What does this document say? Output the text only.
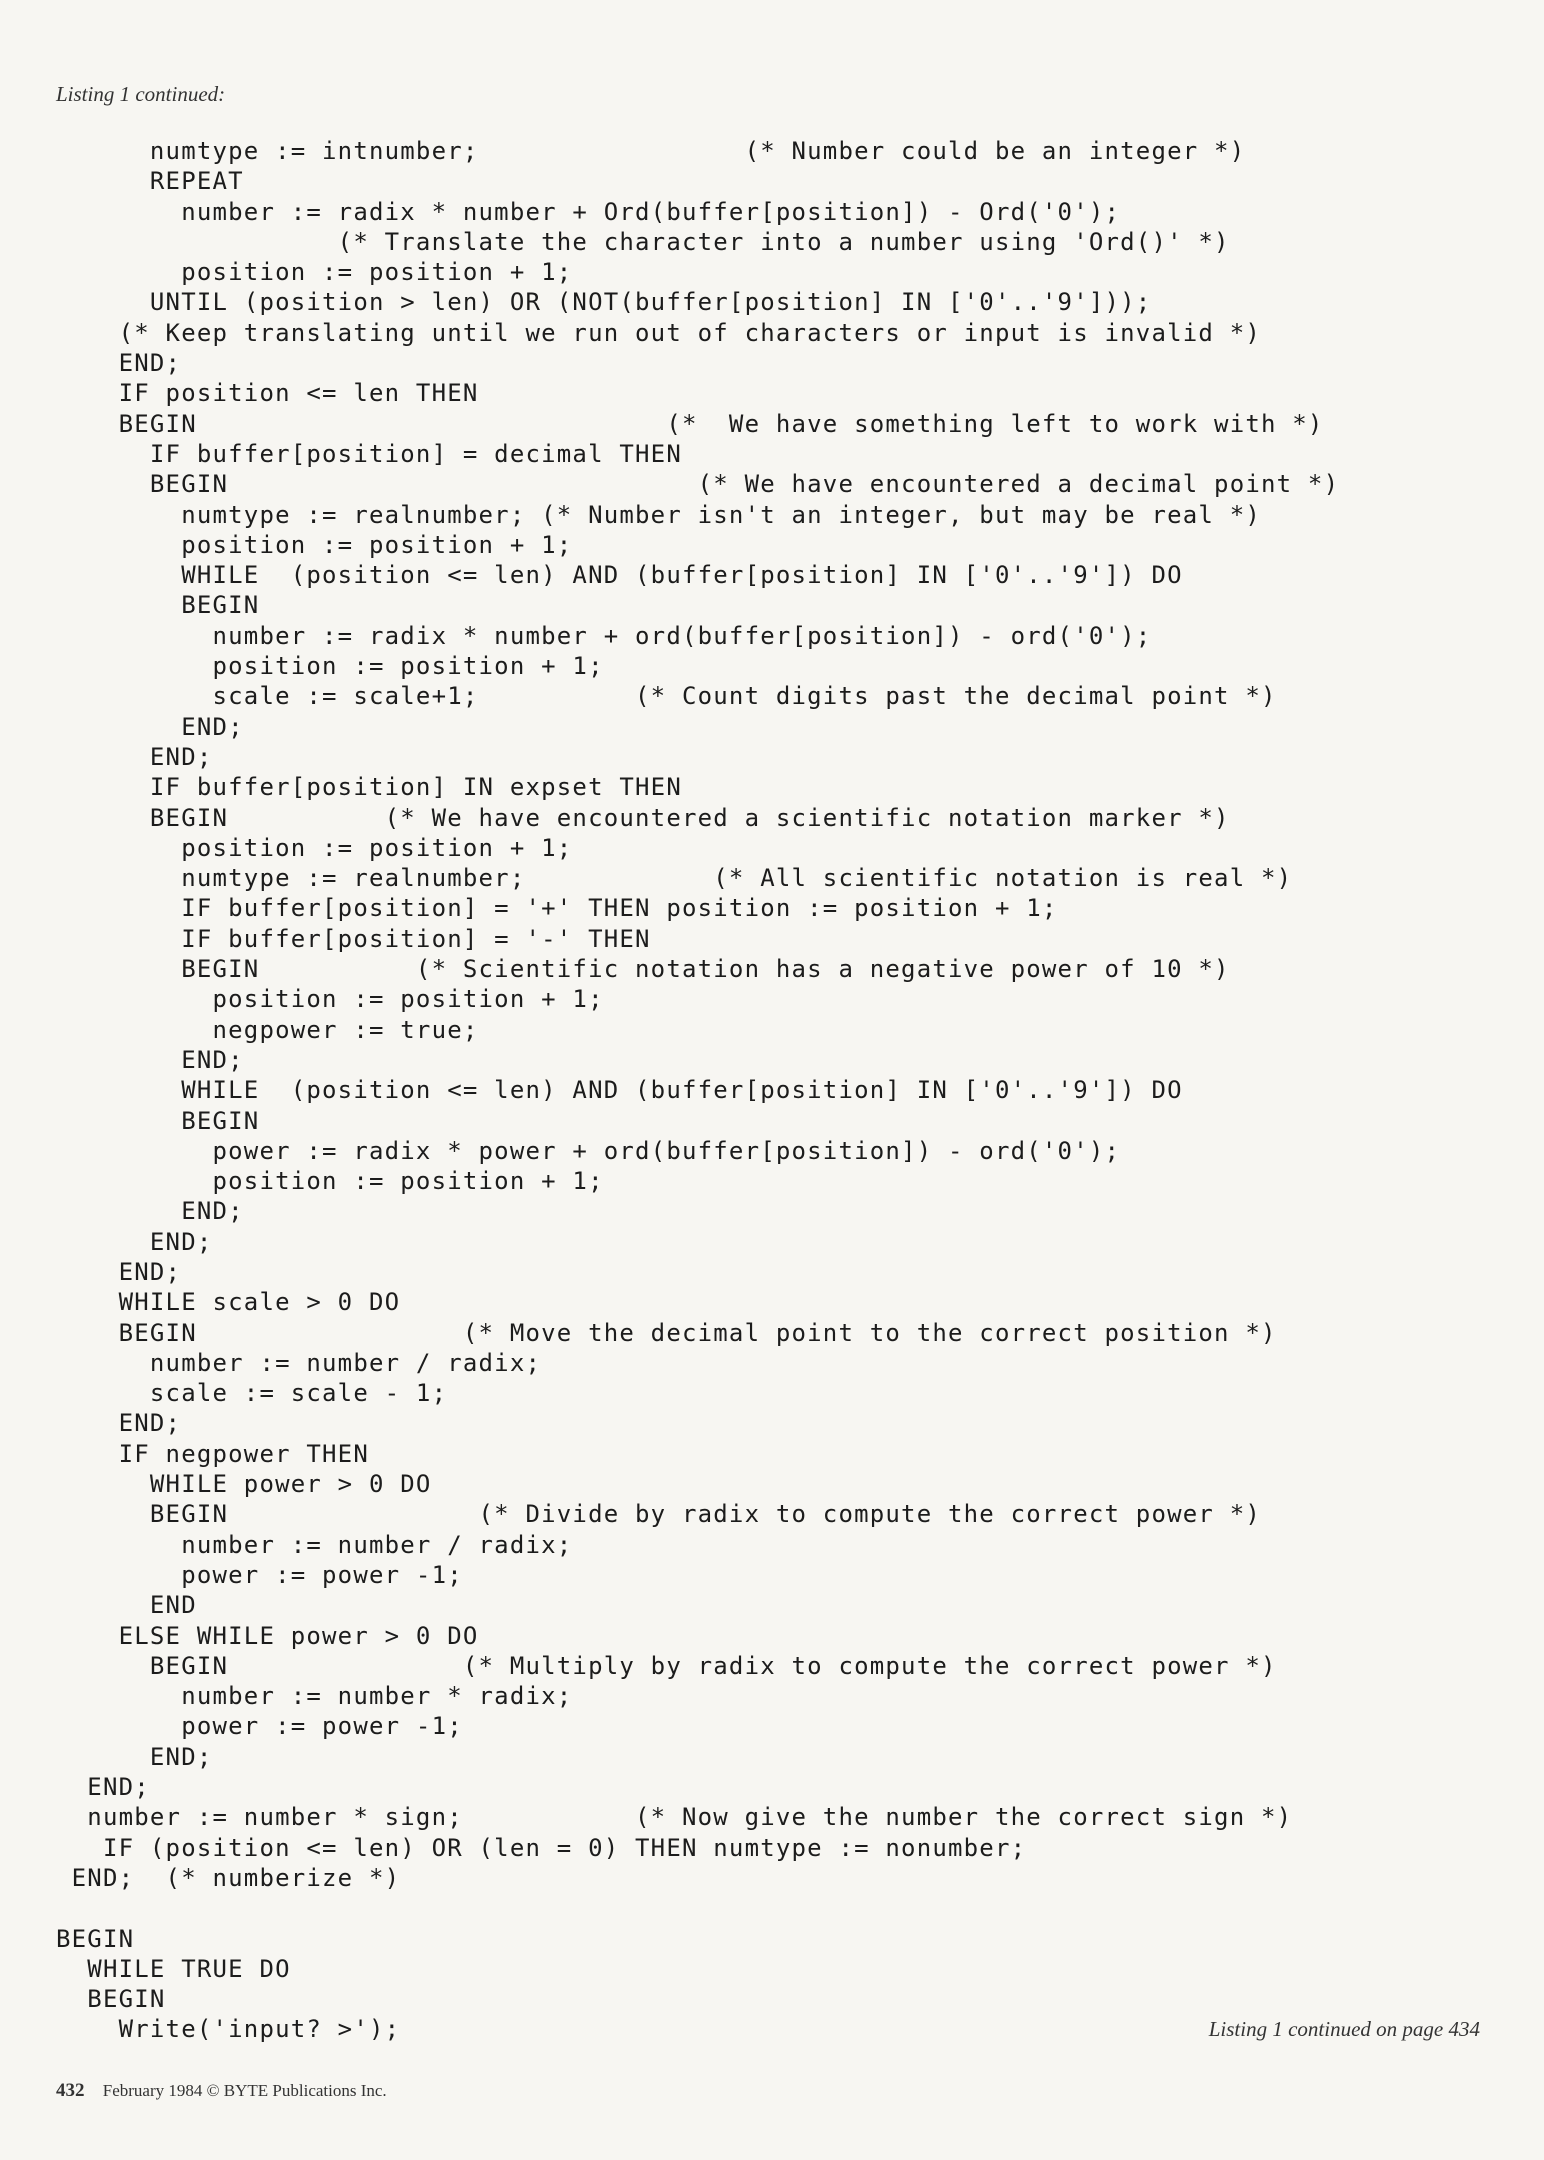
Listing 1 continued:
numtype := intnumber;                 (* Number could be an integer *)
REPEAT
number := radix * number + Ord(buffer[position]) - Ord('0');
(* Translate the character into a number using 'Ord()' *)
position := position + 1;
UNTIL (position > len) OR (NOT(buffer[position] IN ['0'..'9']));
(* Keep translating until we run out of characters or input is invalid *)
END;
IF position <= len THEN
BEGIN                              (*  We have something left to work with *)
IF buffer[position] = decimal THEN
BEGIN                              (* We have encountered a decimal point *)
numtype := realnumber; (* Number isn't an integer, but may be real *)
position := position + 1;
WHILE  (position <= len) AND (buffer[position] IN ['0'..'9']) DO
BEGIN
number := radix * number + ord(buffer[position]) - ord('0');
position := position + 1;
scale := scale+1;          (* Count digits past the decimal point *)
END;
END;
IF buffer[position] IN expset THEN
BEGIN          (* We have encountered a scientific notation marker *)
position := position + 1;
numtype := realnumber;            (* All scientific notation is real *)
IF buffer[position] = '+' THEN position := position + 1;
IF buffer[position] = '-' THEN
BEGIN          (* Scientific notation has a negative power of 10 *)
position := position + 1;
negpower := true;
END;
WHILE  (position <= len) AND (buffer[position] IN ['0'..'9']) DO
BEGIN
power := radix * power + ord(buffer[position]) - ord('0');
position := position + 1;
END;
END;
END;
WHILE scale > 0 DO
BEGIN                 (* Move the decimal point to the correct position *)
number := number / radix;
scale := scale - 1;
END;
IF negpower THEN
WHILE power > 0 DO
BEGIN                (* Divide by radix to compute the correct power *)
number := number / radix;
power := power -1;
END
ELSE WHILE power > 0 DO
BEGIN               (* Multiply by radix to compute the correct power *)
number := number * radix;
power := power -1;
END;
END;
number := number * sign;           (* Now give the number the correct sign *)
IF (position <= len) OR (len = 0) THEN numtype := nonumber;
END;  (* numberize *)
BEGIN
WHILE TRUE DO
BEGIN
Write('input? >');	Listing 1 continued on page 434
432 February 1984 © BYTE Publications Inc.
